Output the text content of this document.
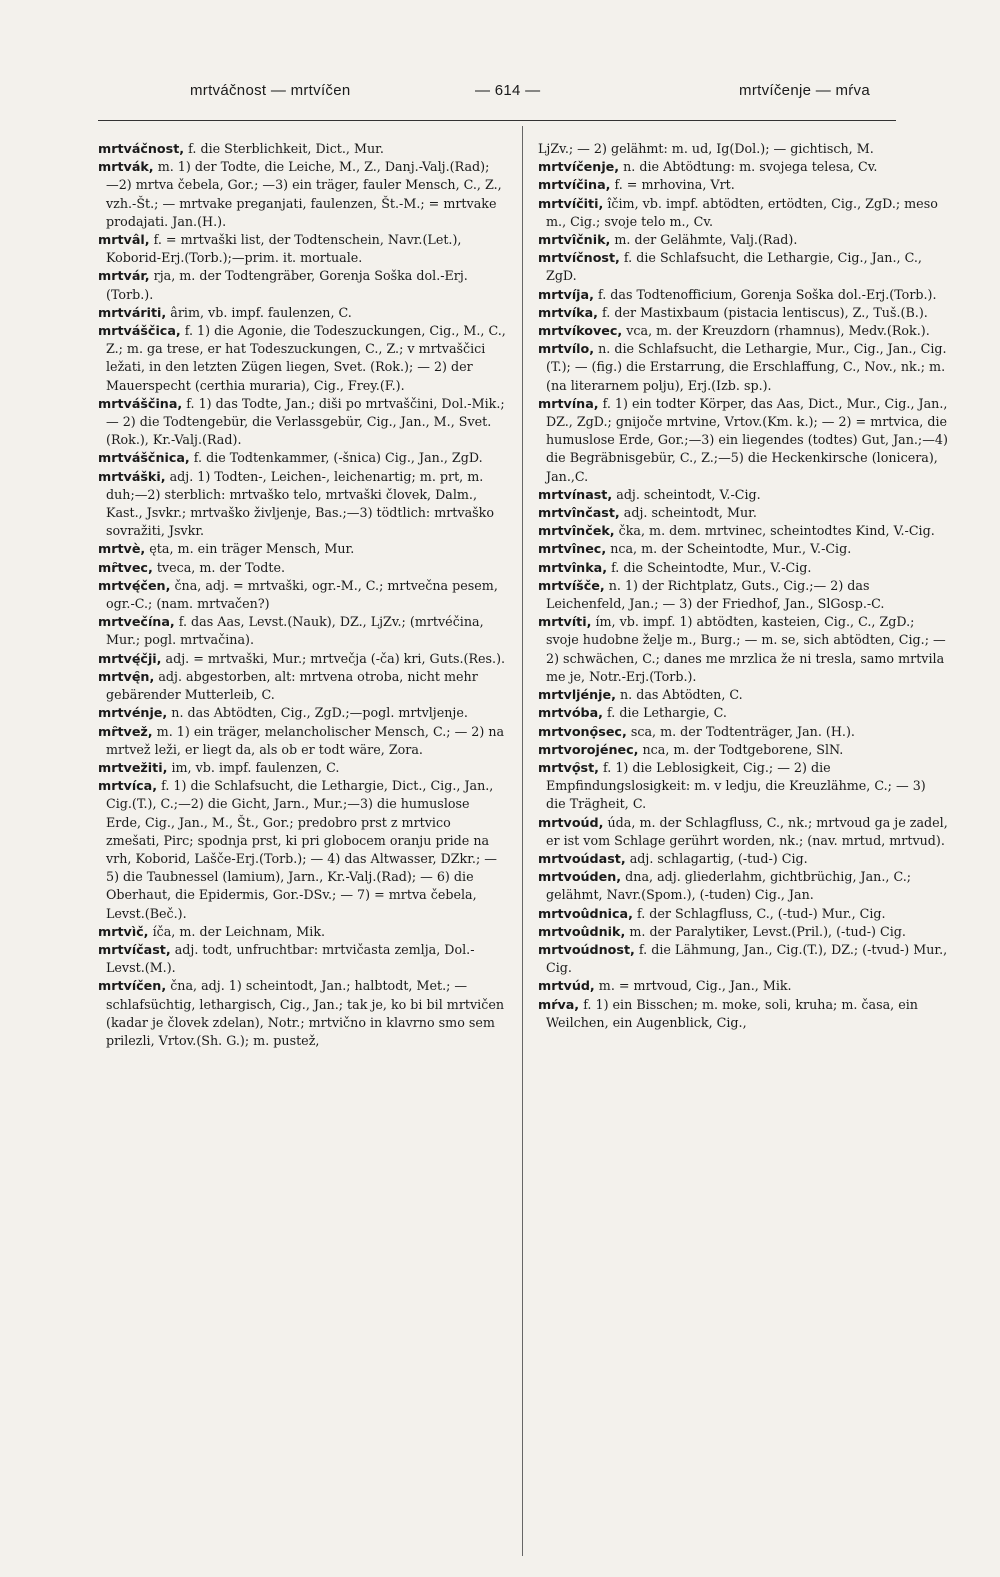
mrtváčnost — mrtvíčen	— 614 —	mrtvíčenje — mŕva

mrtváčnost, f. die Sterblichkeit, Dict., Mur.

mrtvák, m. 1) der Todte, die Leiche, M., Z., Danj.-Valj.(Rad); —2) mrtva čebela, Gor.; —3) ein träger, fauler Mensch, C., Z., vzh.-Št.; — mrtvake preganjati, faulenzen, Št.-M.; = mrtvake prodajati. Jan.(H.).

mrtvâl, f. = mrtvaški list, der Todtenschein, Navr.(Let.), Koborid-Erj.(Torb.);—prim. it. mortuale.

mrtvár, rja, m. der Todtengräber, Gorenja Soška dol.-Erj.(Torb.).

mrtváriti, ârim, vb. impf. faulenzen, C.

mrtváščica, f. 1) die Agonie, die Todeszuckungen, Cig., M., C., Z.; m. ga trese, er hat Todeszuckungen, C., Z.; v mrtvaščici ležati, in den letzten Zügen liegen, Svet. (Rok.); — 2) der Mauerspecht (certhia muraria), Cig., Frey.(F.).

mrtváščina, f. 1) das Todte, Jan.; diši po mrtvaščini, Dol.-Mik.; — 2) die Todtengebür, die Verlassgebür, Cig., Jan., M., Svet. (Rok.), Kr.-Valj.(Rad).

mrtváščnica, f. die Todtenkammer, (-šnica) Cig., Jan., ZgD.

mrtváški, adj. 1) Todten-, Leichen-, leichenartig; m. prt, m. duh;—2) sterblich: mrtvaško telo, mrtvaški človek, Dalm., Kast., Jsvkr.; mrtvaško življenje, Bas.;—3) tödtlich: mrtvaško sovražiti, Jsvkr.

mrtvè, ęta, m. ein träger Mensch, Mur.

mȓtvec, tveca, m. der Todte.

mrtvę́čen, čna, adj. = mrtvaški, ogr.-M., C.; mrtvečna pesem, ogr.-C.; (nam. mrtvačen?)

mrtvečína, f. das Aas, Levst.(Nauk), DZ., LjZv.; (mrtvéčina, Mur.; pogl. mrtvačina).

mrtvę́čji, adj. = mrtvaški, Mur.; mrtvečja (-ča) kri, Guts.(Res.).

mrtvę̑n, adj. abgestorben, alt: mrtvena otroba, nicht mehr gebärender Mutterleib, C.

mrtvénje, n. das Abtödten, Cig., ZgD.;—pogl. mrtvljenje.

mȓtvež, m. 1) ein träger, melancholischer Mensch, C.; — 2) na mrtvež leži, er liegt da, als ob er todt wäre, Zora.

mrtvežiti, im, vb. impf. faulenzen, C.

mrtvíca, f. 1) die Schlafsucht, die Lethargie, Dict., Cig., Jan., Cig.(T.), C.;—2) die Gicht, Jarn., Mur.;—3) die humuslose Erde, Cig., Jan., M., Št., Gor.; predobro prst z mrtvico zmešati, Pirc; spodnja prst, ki pri globocem oranju pride na vrh, Koborid, Lašče-Erj.(Torb.); — 4) das Altwasser, DZkr.; — 5) die Taubnessel (lamium), Jarn., Kr.-Valj.(Rad); — 6) die Oberhaut, die Epidermis, Gor.-DSv.; — 7) = mrtva čebela, Levst.(Beč.).

mrtvìč, íča, m. der Leichnam, Mik.

mrtvíčast, adj. todt, unfruchtbar: mrtvičasta zemlja, Dol.-Levst.(M.).

mrtvíčen, čna, adj. 1) scheintodt, Jan.; halbtodt, Met.; — schlafsüchtig, lethargisch, Cig., Jan.; tak je, ko bi bil mrtvičen (kadar je človek zdelan), Notr.; mrtvično in klavrno smo sem prilezli, Vrtov.(Sh. G.); m. pustež,

LjZv.; — 2) gelähmt: m. ud, Ig(Dol.); — gichtisch, M.

mrtvíčenje, n. die Abtödtung: m. svojega telesa, Cv.

mrtvíčina, f. = mrhovina, Vrt.

mrtvíčiti, îčim, vb. impf. abtödten, ertödten, Cig., ZgD.; meso m., Cig.; svoje telo m., Cv.

mrtvîčnik, m. der Gelähmte, Valj.(Rad).

mrtvíčnost, f. die Schlafsucht, die Lethargie, Cig., Jan., C., ZgD.

mrtvíja, f. das Todtenofficium, Gorenja Soška dol.-Erj.(Torb.).

mrtvíka, f. der Mastixbaum (pistacia lentiscus), Z., Tuš.(B.).

mrtvíkovec, vca, m. der Kreuzdorn (rhamnus), Medv.(Rok.).

mrtvílo, n. die Schlafsucht, die Lethargie, Mur., Cig., Jan., Cig.(T.); — (fig.) die Erstarrung, die Erschlaffung, C., Nov., nk.; m. (na literarnem polju), Erj.(Izb. sp.).

mrtvína, f. 1) ein todter Körper, das Aas, Dict., Mur., Cig., Jan., DZ., ZgD.; gnijoče mrtvine, Vrtov.(Km. k.); — 2) = mrtvica, die humuslose Erde, Gor.;—3) ein liegendes (todtes) Gut, Jan.;—4) die Begräbnisgebür, C., Z.;—5) die Heckenkirsche (lonicera), Jan.,C.

mrtvínast, adj. scheintodt, V.-Cig.

mrtvînčast, adj. scheintodt, Mur.

mrtvînček, čka, m. dem. mrtvinec, scheintodtes Kind, V.-Cig.

mrtvînec, nca, m. der Scheintodte, Mur., V.-Cig.

mrtvînka, f. die Scheintodte, Mur., V.-Cig.

mrtvíšče, n. 1) der Richtplatz, Guts., Cig.;— 2) das Leichenfeld, Jan.; — 3) der Friedhof, Jan., SlGosp.-C.

mrtvíti, ím, vb. impf. 1) abtödten, kasteien, Cig., C., ZgD.; svoje hudobne želje m., Burg.; — m. se, sich abtödten, Cig.; — 2) schwächen, C.; danes me mrzlica že ni tresla, samo mrtvila me je, Notr.-Erj.(Torb.).

mrtvljénje, n. das Abtödten, C.

mrtvóba, f. die Lethargie, C.

mrtvonọ̑sec, sca, m. der Todtenträger, Jan. (H.).

mrtvorojénec, nca, m. der Todtgeborene, SlN.

mrtvọ̑st, f. 1) die Leblosigkeit, Cig.; — 2) die Empfindungslosigkeit: m. v ledju, die Kreuzlähme, C.; — 3) die Trägheit, C.

mrtvoúd, úda, m. der Schlagfluss, C., nk.; mrtvoud ga je zadel, er ist vom Schlage gerührt worden, nk.; (nav. mrtud, mrtvud).

mrtvoúdast, adj. schlagartig, (-tud-) Cig.

mrtvoúden, dna, adj. gliederlahm, gichtbrüchig, Jan., C.; gelähmt, Navr.(Spom.), (-tuden) Cig., Jan.

mrtvoûdnica, f. der Schlagfluss, C., (-tud-) Mur., Cig.

mrtvoûdnik, m. der Paralytiker, Levst.(Pril.), (-tud-) Cig.

mrtvoúdnost, f. die Lähmung, Jan., Cig.(T.), DZ.; (-tvud-) Mur., Cig.

mrtvúd, m. = mrtvoud, Cig., Jan., Mik.

mŕva, f. 1) ein Bisschen; m. moke, soli, kruha; m. časa, ein Weilchen, ein Augenblick, Cig.,
